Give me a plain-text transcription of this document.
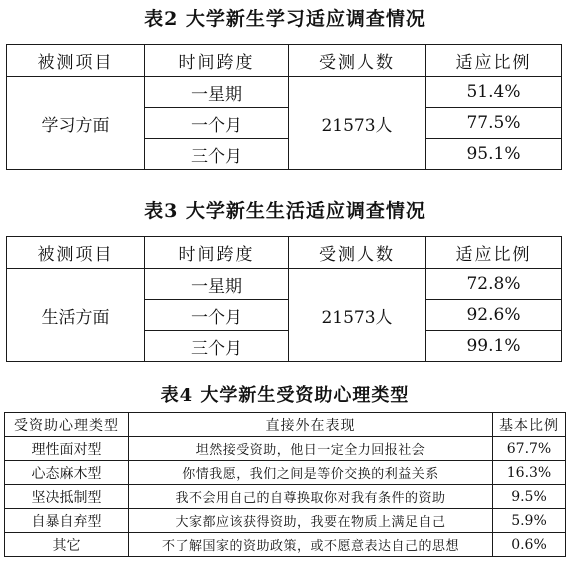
表2 大学新生学习适应调查情况
被测项目	时间跨度	受测人数	适应比例
学习方面	一星期	21573人	51.4%
	一个月		77.5%
	三个月		95.1%
表3 大学新生生活适应调查情况
被测项目	时间跨度	受测人数	适应比例
生活方面	一星期	21573人	72.8%
	一个月		92.6%
	三个月		99.1%
表4 大学新生受资助心理类型
受资助心理类型	直接外在表现	基本比例
理性面对型	坦然接受资助，他日一定全力回报社会	67.7%
心态麻木型	你情我愿，我们之间是等价交换的利益关系	16.3%
坚决抵制型	我不会用自己的自尊换取你对我有条件的资助	9.5%
自暴自弃型	大家都应该获得资助，我要在物质上满足自己	5.9%
其它	不了解国家的资助政策，或不愿意表达自己的思想	0.6%
